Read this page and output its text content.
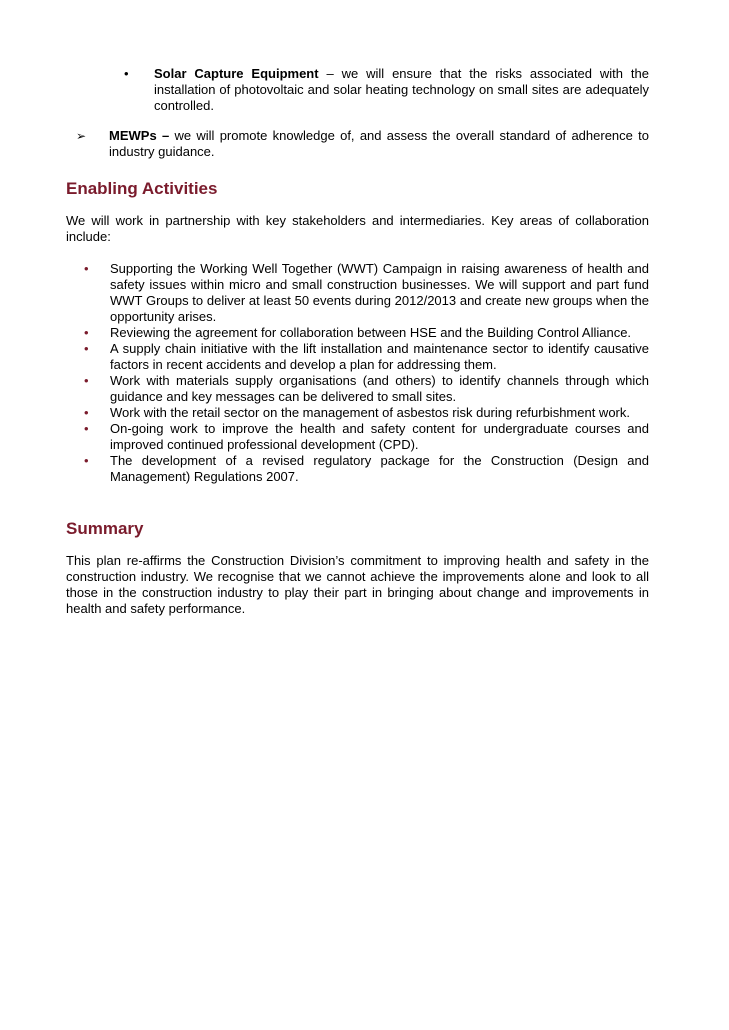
•	Solar Capture Equipment – we will ensure that the risks associated with the installation of photovoltaic and solar heating technology on small sites are adequately controlled.
➢	MEWPs – we will promote knowledge of, and assess the overall standard of adherence to industry guidance.
Enabling Activities

We will work in partnership with key stakeholders and intermediaries. Key areas of collaboration include:

•	Supporting the Working Well Together (WWT) Campaign in raising awareness of health and safety issues within micro and small construction businesses. We will support and part fund WWT Groups to deliver at least 50 events during 2012/2013 and create new groups when the opportunity arises.
•	Reviewing the agreement for collaboration between HSE and the Building Control Alliance.
•	A supply chain initiative with the lift installation and maintenance sector to identify causative factors in recent accidents and develop a plan for addressing them.
•	Work with materials supply organisations (and others) to identify channels through which guidance and key messages can be delivered to small sites.
•	Work with the retail sector on the management of asbestos risk during refurbishment work.
•	On-going work to improve the health and safety content for undergraduate courses and improved continued professional development (CPD).
•	The development of a revised regulatory package for the Construction (Design and Management) Regulations 2007.
Summary

This plan re-affirms the Construction Division’s commitment to improving health and safety in the construction industry. We recognise that we cannot achieve the improvements alone and look to all those in the construction industry to play their part in bringing about change and improvements in health and safety performance.
